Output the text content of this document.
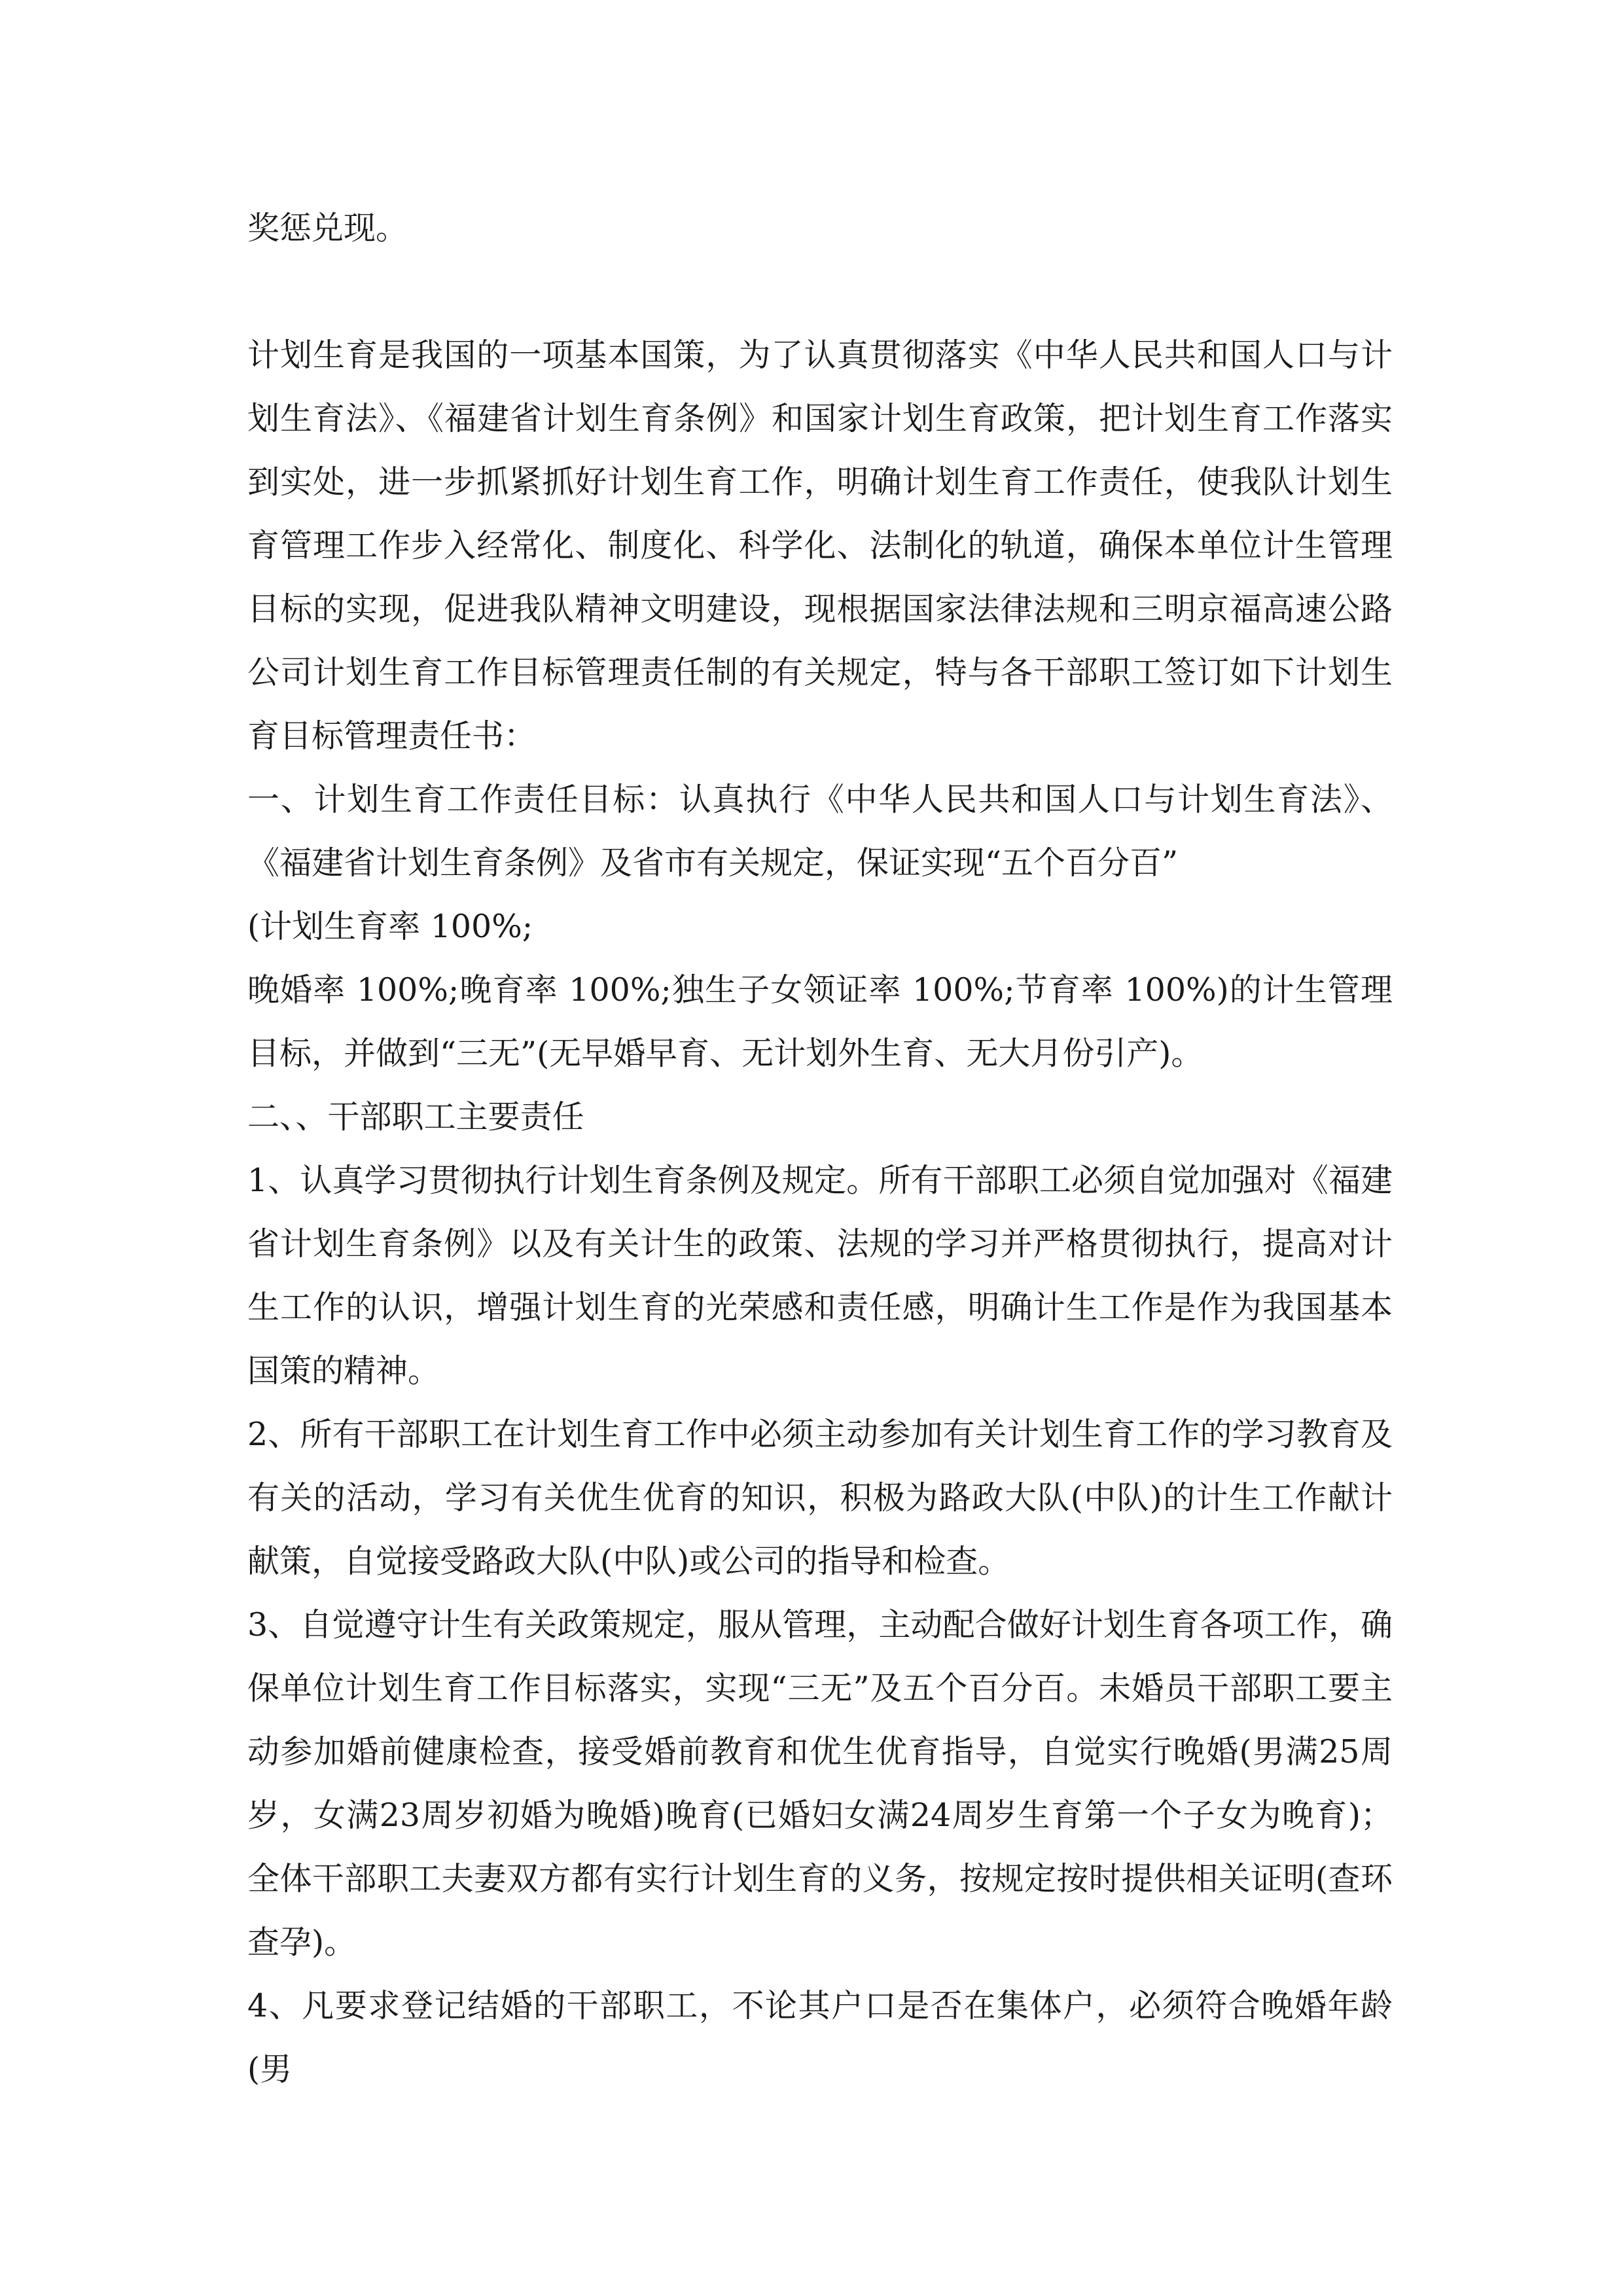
奖惩兑现。

计划生育是我国的一项基本国策，为了认真贯彻落实《中华人民共和国人口与计划生育法》、《福建省计划生育条例》和国家计划生育政策，把计划生育工作落实到实处，进一步抓紧抓好计划生育工作，明确计划生育工作责任，使我队计划生育管理工作步入经常化、制度化、科学化、法制化的轨道，确保本单位计生管理目标的实现，促进我队精神文明建设，现根据国家法律法规和三明京福高速公路公司计划生育工作目标管理责任制的有关规定，特与各干部职工签订如下计划生育目标管理责任书：

一、计划生育工作责任目标：认真执行《中华人民共和国人口与计划生育法》、《福建省计划生育条例》及省市有关规定，保证实现“五个百分百”

(计划生育率 100%;

晚婚率 100%;晚育率 100%;独生子女领证率 100%;节育率 100%)的计生管理目标，并做到“三无”(无早婚早育、无计划外生育、无大月份引产)。

二、、干部职工主要责任

1、认真学习贯彻执行计划生育条例及规定。所有干部职工必须自觉加强对《福建省计划生育条例》以及有关计生的政策、法规的学习并严格贯彻执行，提高对计生工作的认识，增强计划生育的光荣感和责任感，明确计生工作是作为我国基本国策的精神。

2、所有干部职工在计划生育工作中必须主动参加有关计划生育工作的学习教育及有关的活动，学习有关优生优育的知识，积极为路政大队(中队)的计生工作献计献策，自觉接受路政大队(中队)或公司的指导和检查。

3、自觉遵守计生有关政策规定，服从管理，主动配合做好计划生育各项工作，确保单位计划生育工作目标落实，实现“三无”及五个百分百。未婚员干部职工要主动参加婚前健康检查，接受婚前教育和优生优育指导，自觉实行晚婚(男满25周岁，女满23周岁初婚为晚婚)晚育(已婚妇女满24周岁生育第一个子女为晚育)；全体干部职工夫妻双方都有实行计划生育的义务，按规定按时提供相关证明(查环查孕)。

4、凡要求登记结婚的干部职工，不论其户口是否在集体户，必须符合晚婚年龄(男
